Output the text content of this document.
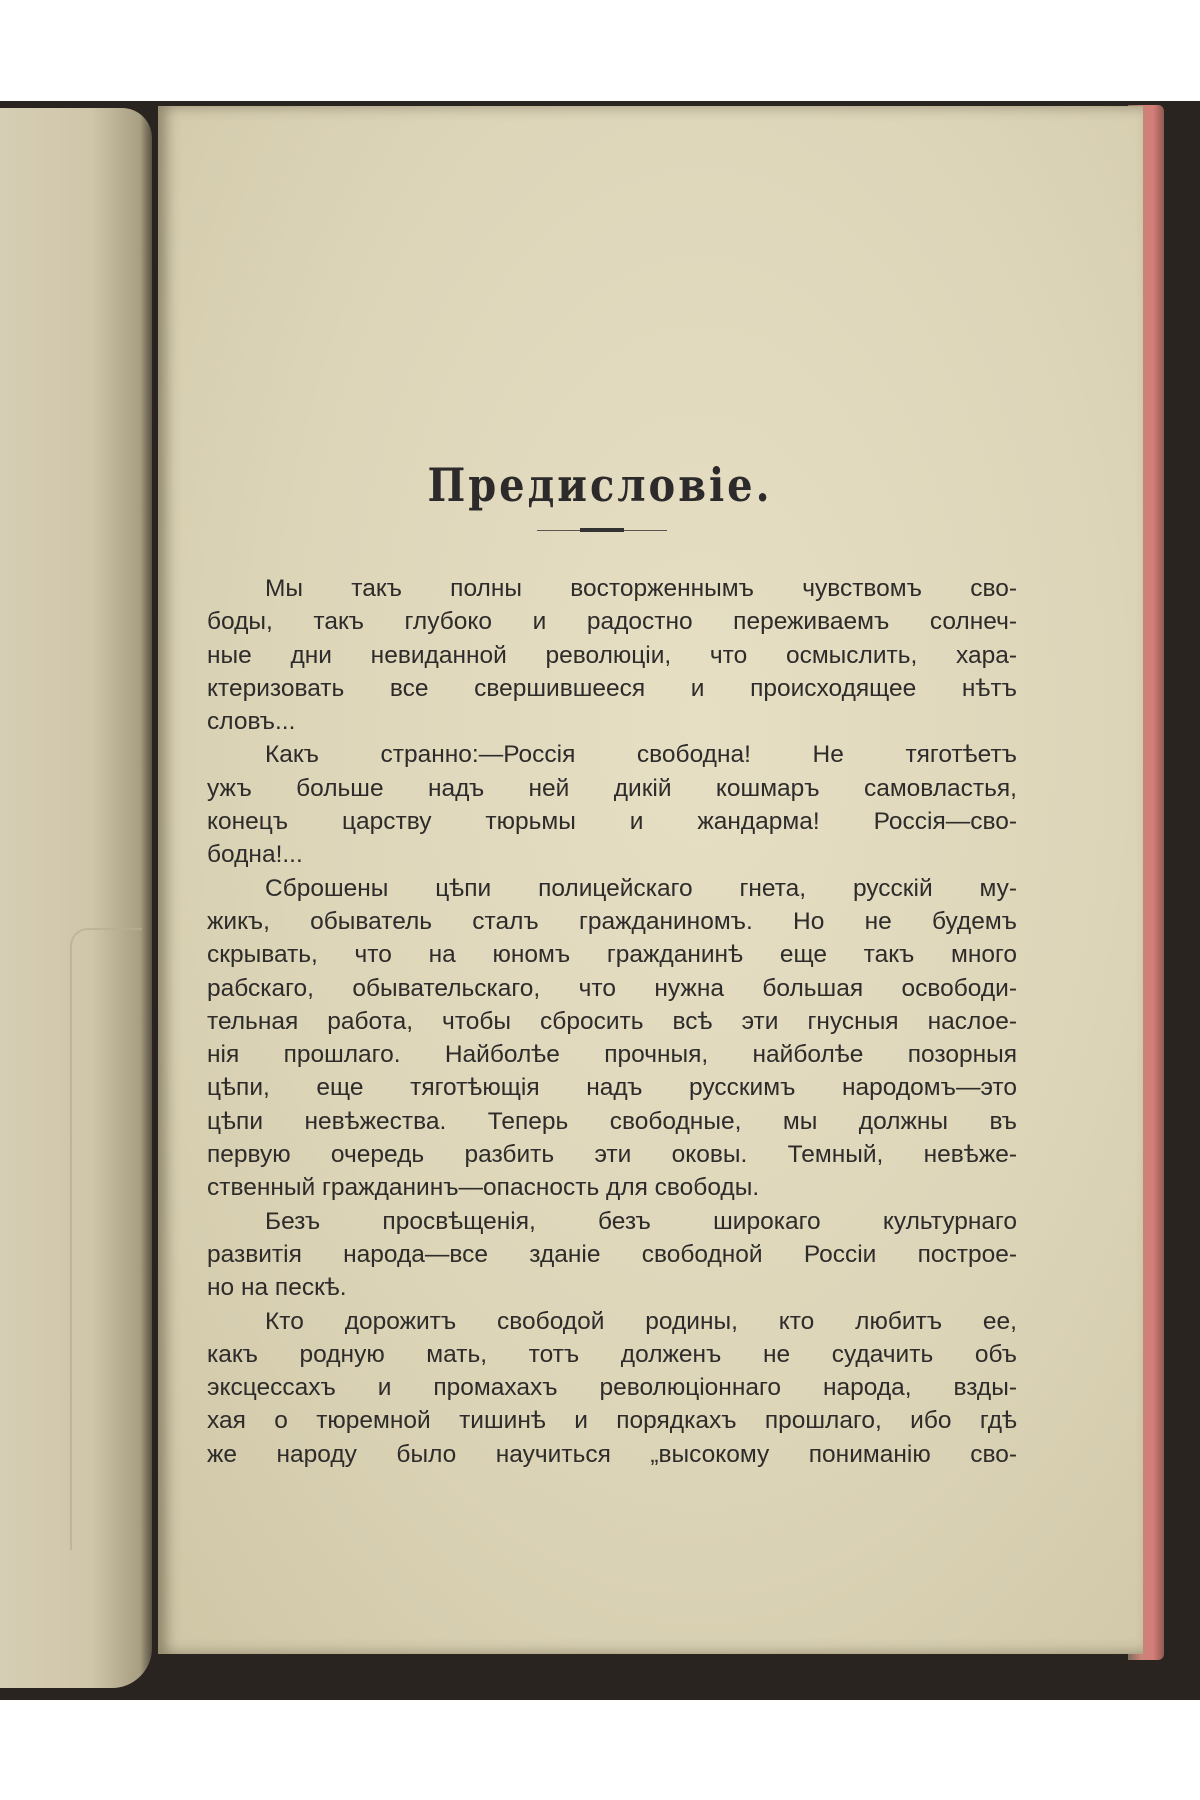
Предисловіе.
Мы такъ полны восторженнымъ чувствомъ сво-
боды, такъ глубоко и радостно переживаемъ солнеч-
ные дни невиданной революціи, что осмыслить, хара-
ктеризовать все свершившееся и происходящее нѣтъ
словъ...
Какъ странно:—Россія свободна! Не тяготѣетъ
ужъ больше надъ ней дикій кошмаръ самовластья,
конецъ царству тюрьмы и жандарма! Россія—сво-
бодна!...
Сброшены цѣпи полицейскаго гнета, русскій му-
жикъ, обыватель сталъ гражданиномъ. Но не будемъ
скрывать, что на юномъ гражданинѣ еще такъ много
рабскаго, обывательскаго, что нужна большая освободи-
тельная работа, чтобы сбросить всѣ эти гнусныя наслое-
нія прошлаго. Найболѣе прочныя, найболѣе позорныя
цѣпи, еще тяготѣющія надъ русскимъ народомъ—это
цѣпи невѣжества. Теперь свободные, мы должны въ
первую очередь разбить эти оковы. Темный, невѣже-
ственный гражданинъ—опасность для свободы.
Безъ просвѣщенія, безъ широкаго культурнаго
развитія народа—все зданіе свободной Россіи построе-
но на пескѣ.
Кто дорожитъ свободой родины, кто любитъ ее,
какъ родную мать, тотъ долженъ не судачить объ
эксцессахъ и промахахъ революціоннаго народа, взды-
хая о тюремной тишинѣ и порядкахъ прошлаго, ибо гдѣ
же народу было научиться „высокому пониманію сво-
